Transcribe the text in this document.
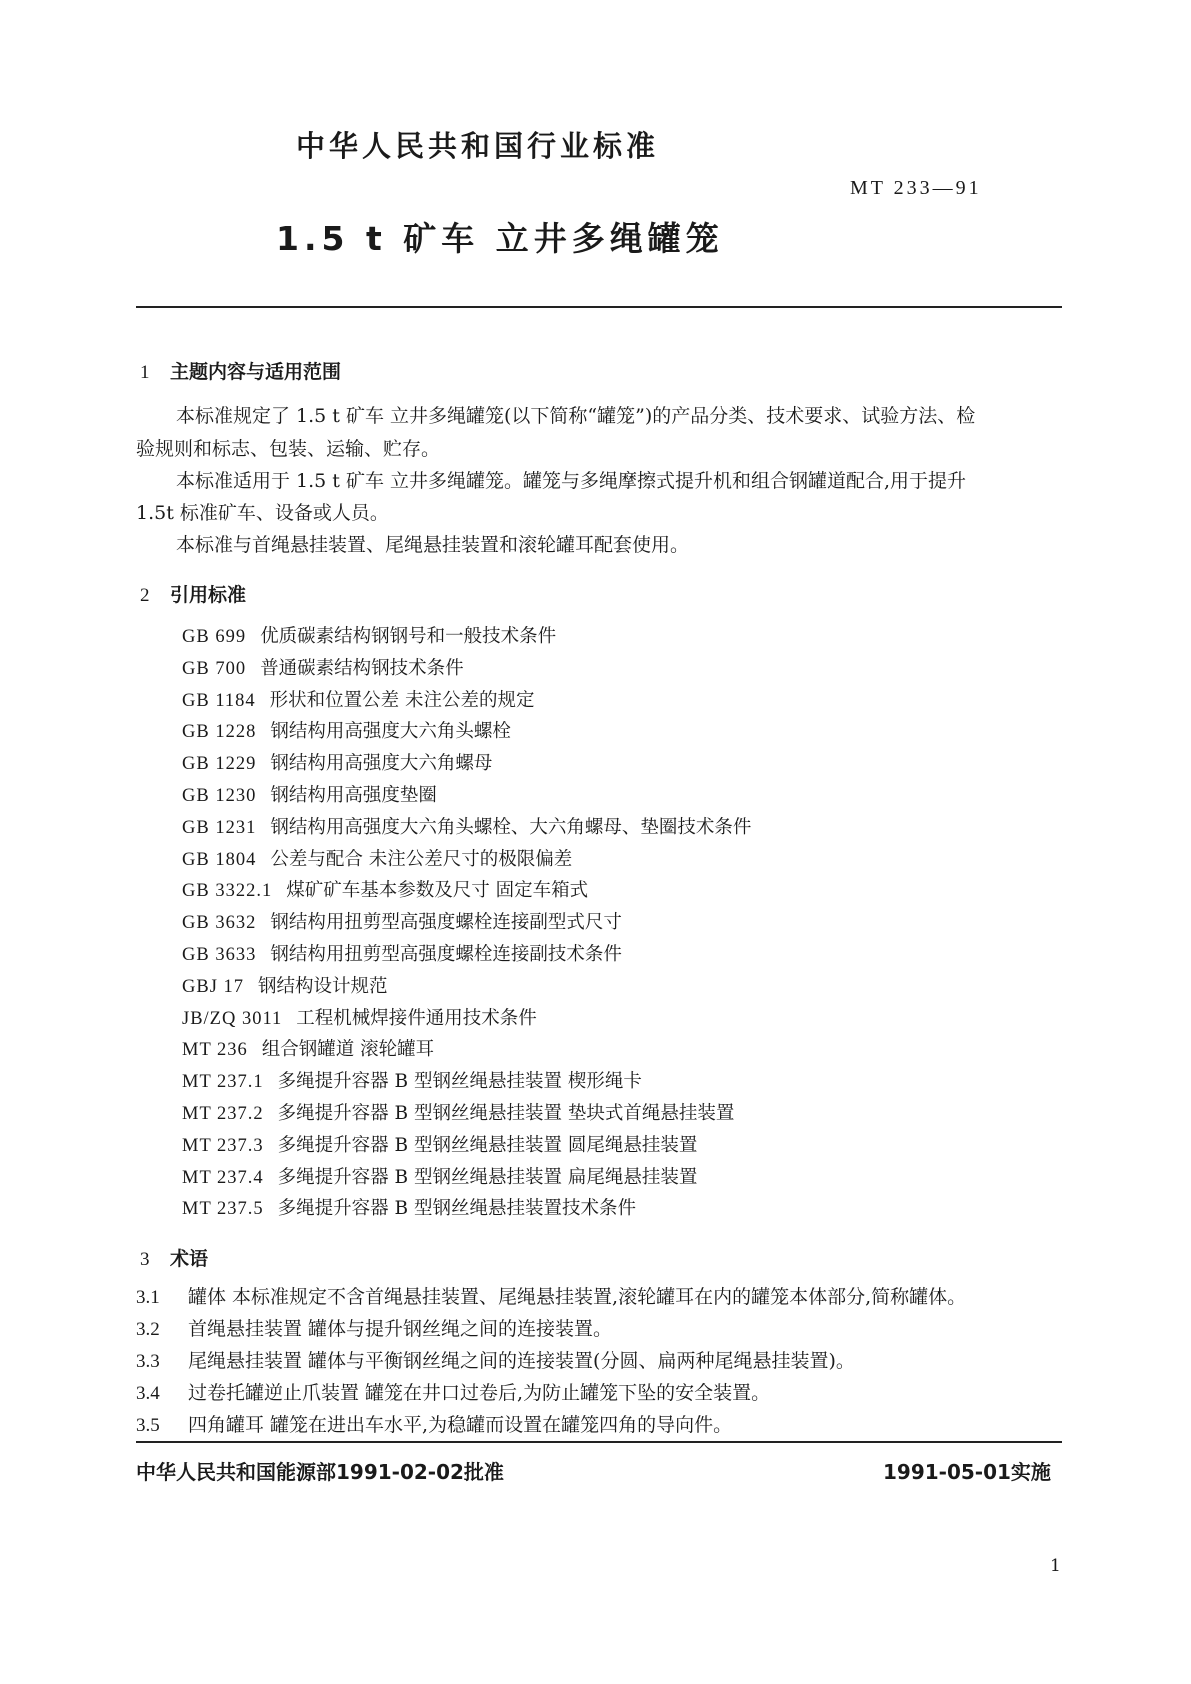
中华人民共和国行业标准
MT 233—91
1.5 t 矿车 立井多绳罐笼
1 主题内容与适用范围
本标准规定了 1.5 t 矿车 立井多绳罐笼(以下简称“罐笼”)的产品分类、技术要求、试验方法、检
验规则和标志、包装、运输、贮存。
本标准适用于 1.5 t 矿车 立井多绳罐笼。罐笼与多绳摩擦式提升机和组合钢罐道配合,用于提升
1.5t 标准矿车、设备或人员。
本标准与首绳悬挂装置、尾绳悬挂装置和滚轮罐耳配套使用。
2 引用标准
GB 699 优质碳素结构钢钢号和一般技术条件
GB 700 普通碳素结构钢技术条件
GB 1184 形状和位置公差 未注公差的规定
GB 1228 钢结构用高强度大六角头螺栓
GB 1229 钢结构用高强度大六角螺母
GB 1230 钢结构用高强度垫圈
GB 1231 钢结构用高强度大六角头螺栓、大六角螺母、垫圈技术条件
GB 1804 公差与配合 未注公差尺寸的极限偏差
GB 3322.1 煤矿矿车基本参数及尺寸 固定车箱式
GB 3632 钢结构用扭剪型高强度螺栓连接副型式尺寸
GB 3633 钢结构用扭剪型高强度螺栓连接副技术条件
GBJ 17 钢结构设计规范
JB/ZQ 3011 工程机械焊接件通用技术条件
MT 236 组合钢罐道 滚轮罐耳
MT 237.1 多绳提升容器 B 型钢丝绳悬挂装置 楔形绳卡
MT 237.2 多绳提升容器 B 型钢丝绳悬挂装置 垫块式首绳悬挂装置
MT 237.3 多绳提升容器 B 型钢丝绳悬挂装置 圆尾绳悬挂装置
MT 237.4 多绳提升容器 B 型钢丝绳悬挂装置 扁尾绳悬挂装置
MT 237.5 多绳提升容器 B 型钢丝绳悬挂装置技术条件
3 术语
3.1 罐体 本标准规定不含首绳悬挂装置、尾绳悬挂装置,滚轮罐耳在内的罐笼本体部分,简称罐体。
3.2 首绳悬挂装置 罐体与提升钢丝绳之间的连接装置。
3.3 尾绳悬挂装置 罐体与平衡钢丝绳之间的连接装置(分圆、扁两种尾绳悬挂装置)。
3.4 过卷托罐逆止爪装置 罐笼在井口过卷后,为防止罐笼下坠的安全装置。
3.5 四角罐耳 罐笼在进出车水平,为稳罐而设置在罐笼四角的导向件。
中华人民共和国能源部1991-02-02批准	1991-05-01实施
1
